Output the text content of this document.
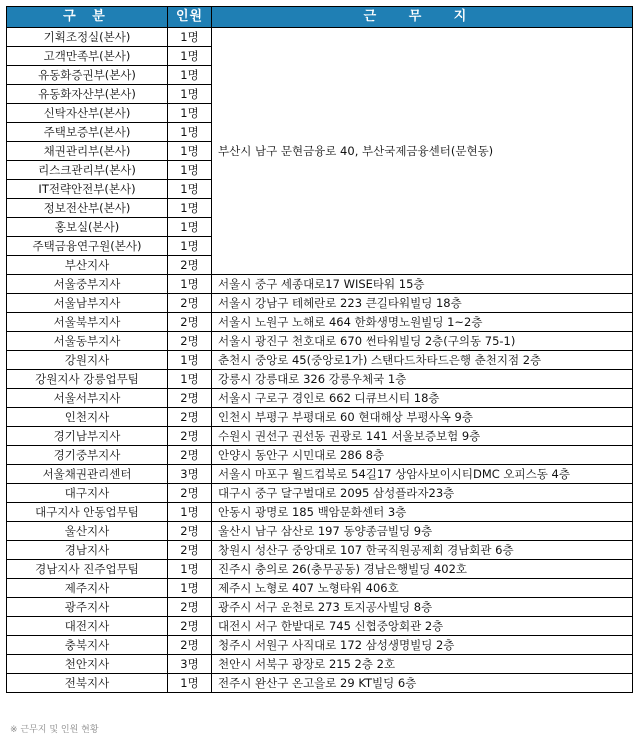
구 분	인원	근 무 지
기획조정실(본사)	1명	부산시 남구 문현금융로 40, 부산국제금융센터(문현동)
고객만족부(본사)	1명	
유동화증권부(본사)	1명	
유동화자산부(본사)	1명	
신탁자산부(본사)	1명	
주택보증부(본사)	1명	
채권관리부(본사)	1명	
리스크관리부(본사)	1명	
IT전략안전부(본사)	1명	
정보전산부(본사)	1명	
홍보실(본사)	1명	
주택금융연구원(본사)	1명	
부산지사	2명	
서울중부지사	1명	서울시 중구 세종대로17 WISE타워 15층
서울남부지사	2명	서울시 강남구 테헤란로 223 큰길타워빌딩 18층
서울북부지사	2명	서울시 노원구 노해로 464 한화생명노원빌딩 1~2층
서울동부지사	2명	서울시 광진구 천호대로 670 썬타워빌딩 2층(구의동 75-1)
강원지사	1명	춘천시 중앙로 45(중앙로1가) 스탠다드차타드은행 춘천지점 2층
강원지사 강릉업무팀	1명	강릉시 강릉대로 326 강릉우체국 1층
서울서부지사	2명	서울시 구로구 경인로 662 디큐브시티 18층
인천지사	2명	인천시 부평구 부평대로 60 현대해상 부평사옥 9층
경기남부지사	2명	수원시 권선구 권선동 권광로 141 서울보증보험 9층
경기중부지사	2명	안양시 동안구 시민대로 286 8층
서울채권관리센터	3명	서울시 마포구 월드컵북로 54길17 상암사보이시티DMC 오피스동 4층
대구지사	2명	대구시 중구 달구벌대로 2095 삼성플라자23층
대구지사 안동업무팀	1명	안동시 광명로 185 백암문화센터 3층
울산지사	2명	울산시 남구 삼산로 197 동양종금빌딩 9층
경남지사	2명	창원시 성산구 중앙대로 107 한국직원공제회 경남회관 6층
경남지사 진주업무팀	1명	진주시 충의로 26(충무공동) 경남은행빌딩 402호
제주지사	1명	제주시 노형로 407 노형타워 406호
광주지사	2명	광주시 서구 운천로 273 토지공사빌딩 8층
대전지사	2명	대전시 서구 한밭대로 745 신협중앙회관 2층
충북지사	2명	청주시 서원구 사직대로 172 삼성생명빌딩 2층
천안지사	3명	천안시 서북구 광장로 215 2층 2호
전북지사	1명	전주시 완산구 온고을로 29 KT빌딩 6층
※ 근무지 및 인원 현황
